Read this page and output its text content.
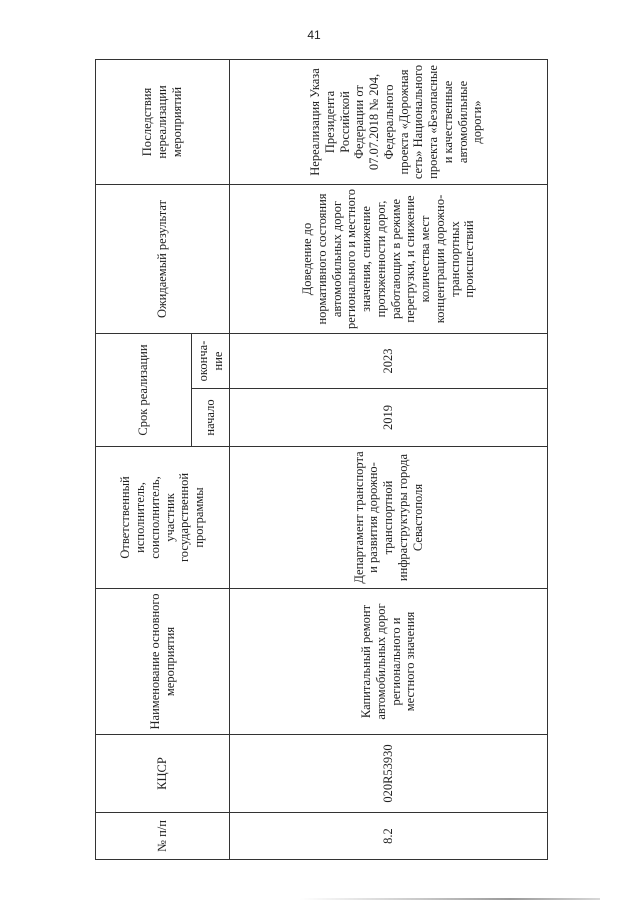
41
№ п/п	КЦСР	Наименование основного мероприятия	Ответственный исполнитель, соисполнитель, участник государственной программы	Срок реализации		Ожидаемый результат	Последствия нереализации мероприятий
				начало	оконча-ние		
8.2	020R53930	Капитальный ремонт автомобильных дорог регионального и местного значения	Департамент транспорта и развития дорожно-транспортной инфраструктуры города Севастополя	2019	2023	Доведение до нормативного состояния автомобильных дорог регионального и местного значения, снижение протяженности дорог, работающих в режиме перегрузки, и снижение количества мест концентрации дорожно-транспортных происшествий	Нереализация Указа Президента Российской Федерации от 07.07.2018 № 204, Федерального проекта «Дорожная сеть» Национального проекта «Безопасные и качественные автомобильные дороги»
